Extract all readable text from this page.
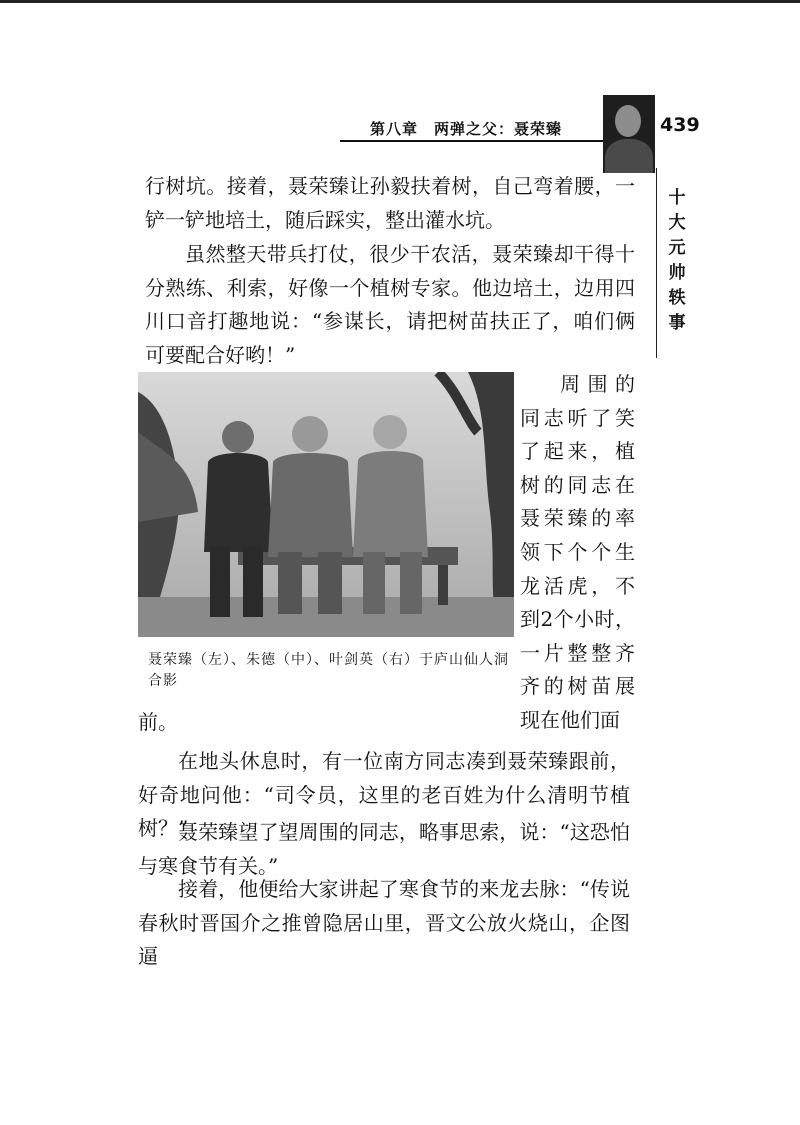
第八章　两弹之父：聂荣臻	439
十大元帅轶事

行树坑。接着，聂荣臻让孙毅扶着树，自己弯着腰，一铲一铲地培土，随后踩实，整出灌水坑。

虽然整天带兵打仗，很少干农活，聂荣臻却干得十分熟练、利索，好像一个植树专家。他边培土，边用四川口音打趣地说：“参谋长，请把树苗扶正了，咱们俩可要配合好哟！”

聂荣臻（左）、朱德（中）、叶剑英（右）于庐山仙人洞合影
周围的同志听了笑了起来，植树的同志在聂荣臻的率领下个个生龙活虎，不到2个小时，一片整整齐齐的树苗展现在他们面

前。

在地头休息时，有一位南方同志凑到聂荣臻跟前，好奇地问他：“司令员，这里的老百姓为什么清明节植树？”

聂荣臻望了望周围的同志，略事思索，说：“这恐怕与寒食节有关。”

接着，他便给大家讲起了寒食节的来龙去脉：“传说春秋时晋国介之推曾隐居山里，晋文公放火烧山，企图逼
